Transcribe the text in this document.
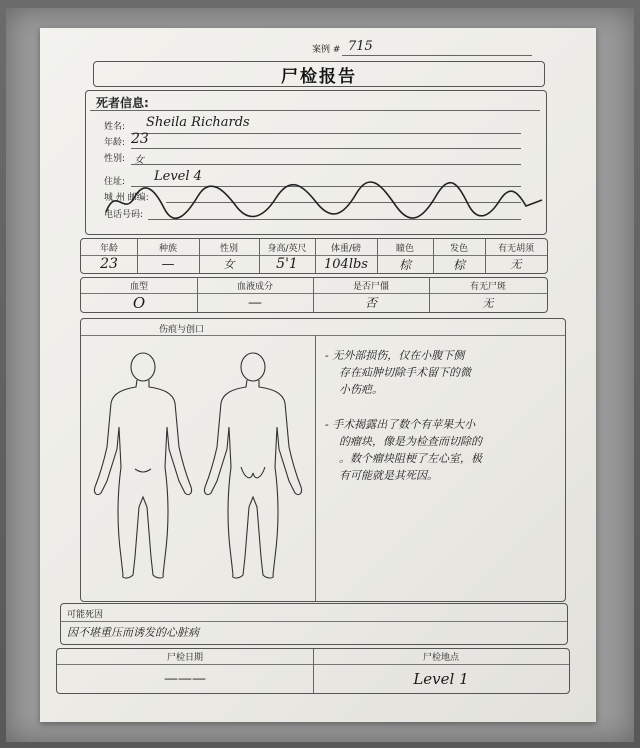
案例 # 715
尸检报告
死者信息:
姓名: Sheila Richards
年龄: 23
性别: 女
住址: Level 4
城 州 邮编:
电话号码:
年龄	种族	性别	身高/英尺	体重/磅	瞳色	发色	有无胡须
23	—	女	5'1	104lbs	棕	棕	无
血型	血液成分	是否尸僵	有无尸斑
O	—	否	无
伤痕与创口
- 无外部损伤，仅在小腹下侧
存在疝肿切除手术留下的微
小伤疤。
- 手术揭露出了数个有苹果大小
的瘤块，像是为检查而切除的
。数个瘤块阻梗了左心室，极
有可能就是其死因。
可能死因
因不堪重压而诱发的心脏病
尸检日期	尸检地点
———	Level 1
